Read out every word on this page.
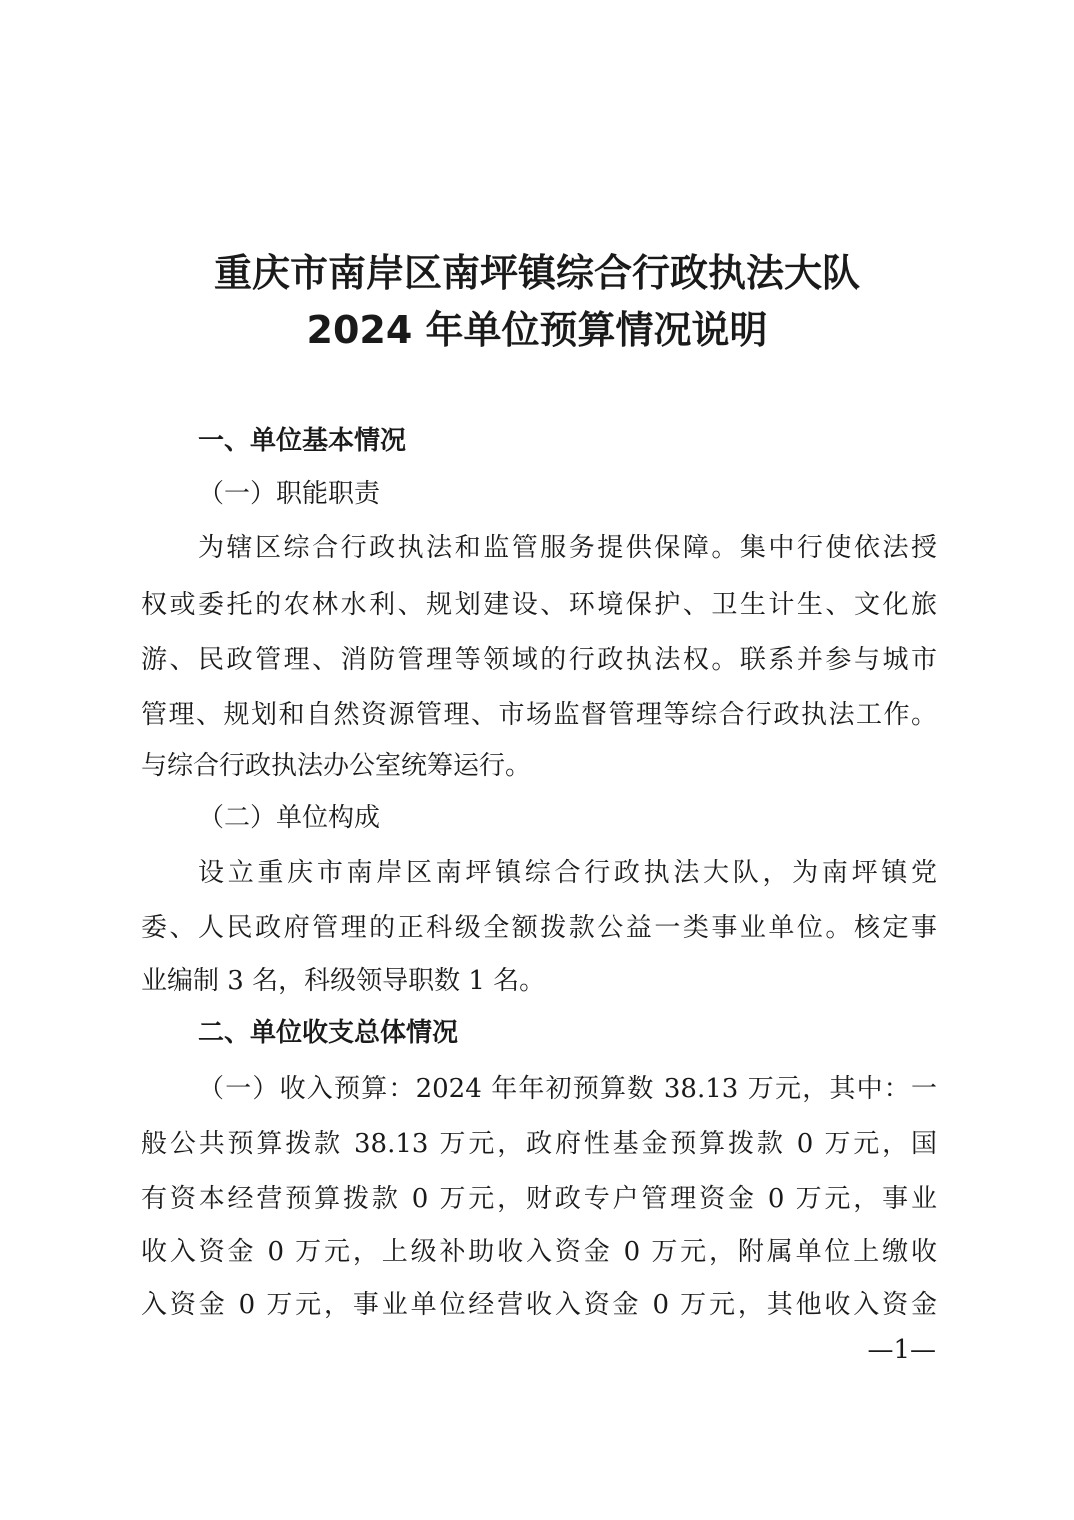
重庆市南岸区南坪镇综合行政执法大队
2024 年单位预算情况说明
一、单位基本情况
（一）职能职责
为辖区综合行政执法和监管服务提供保障。集中行使依法授
权或委托的农林水利、规划建设、环境保护、卫生计生、文化旅
游、民政管理、消防管理等领域的行政执法权。联系并参与城市
管理、规划和自然资源管理、市场监督管理等综合行政执法工作。
与综合行政执法办公室统筹运行。
（二）单位构成
设立重庆市南岸区南坪镇综合行政执法大队，为南坪镇党
委、人民政府管理的正科级全额拨款公益一类事业单位。核定事
业编制 3 名，科级领导职数 1 名。
二、单位收支总体情况
（一）收入预算：2024 年年初预算数 38.13 万元，其中：一
般公共预算拨款 38.13 万元，政府性基金预算拨款 0 万元，国
有资本经营预算拨款 0 万元，财政专户管理资金 0 万元，事业
收入资金 0 万元，上级补助收入资金 0 万元，附属单位上缴收
入资金 0 万元，事业单位经营收入资金 0 万元，其他收入资金
—1—
